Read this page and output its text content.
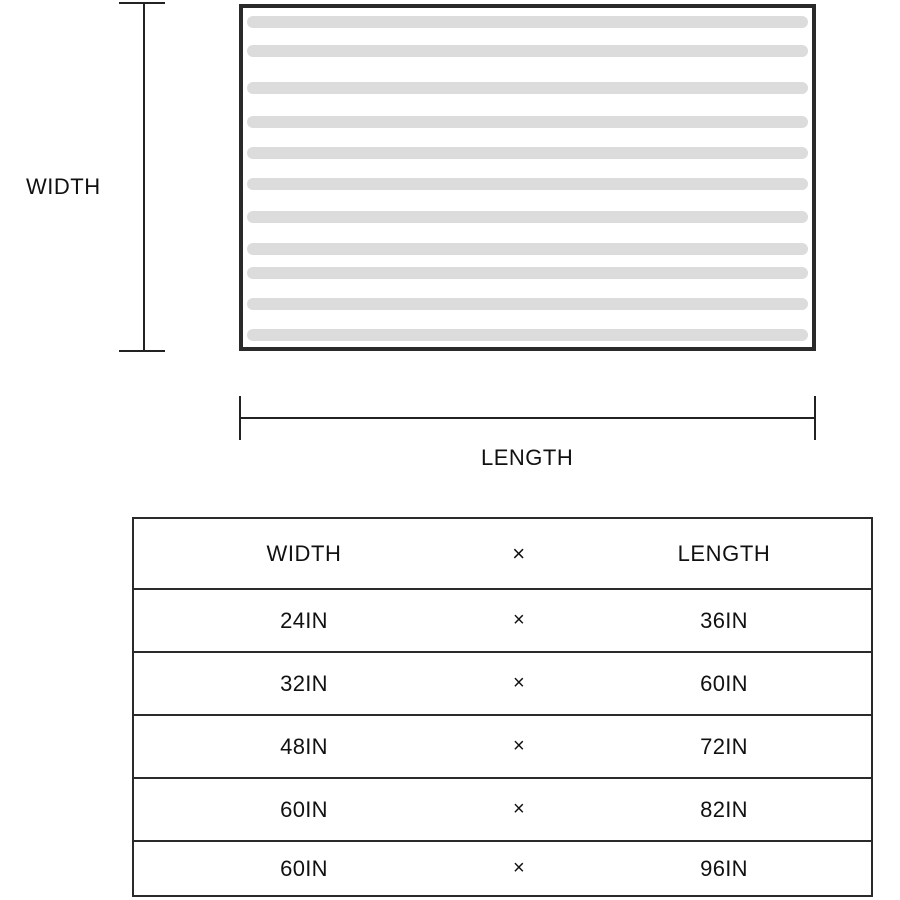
WIDTH
LENGTH
WIDTH	×	LENGTH
24IN	×	36IN
32IN	×	60IN
48IN	×	72IN
60IN	×	82IN
60IN	×	96IN
